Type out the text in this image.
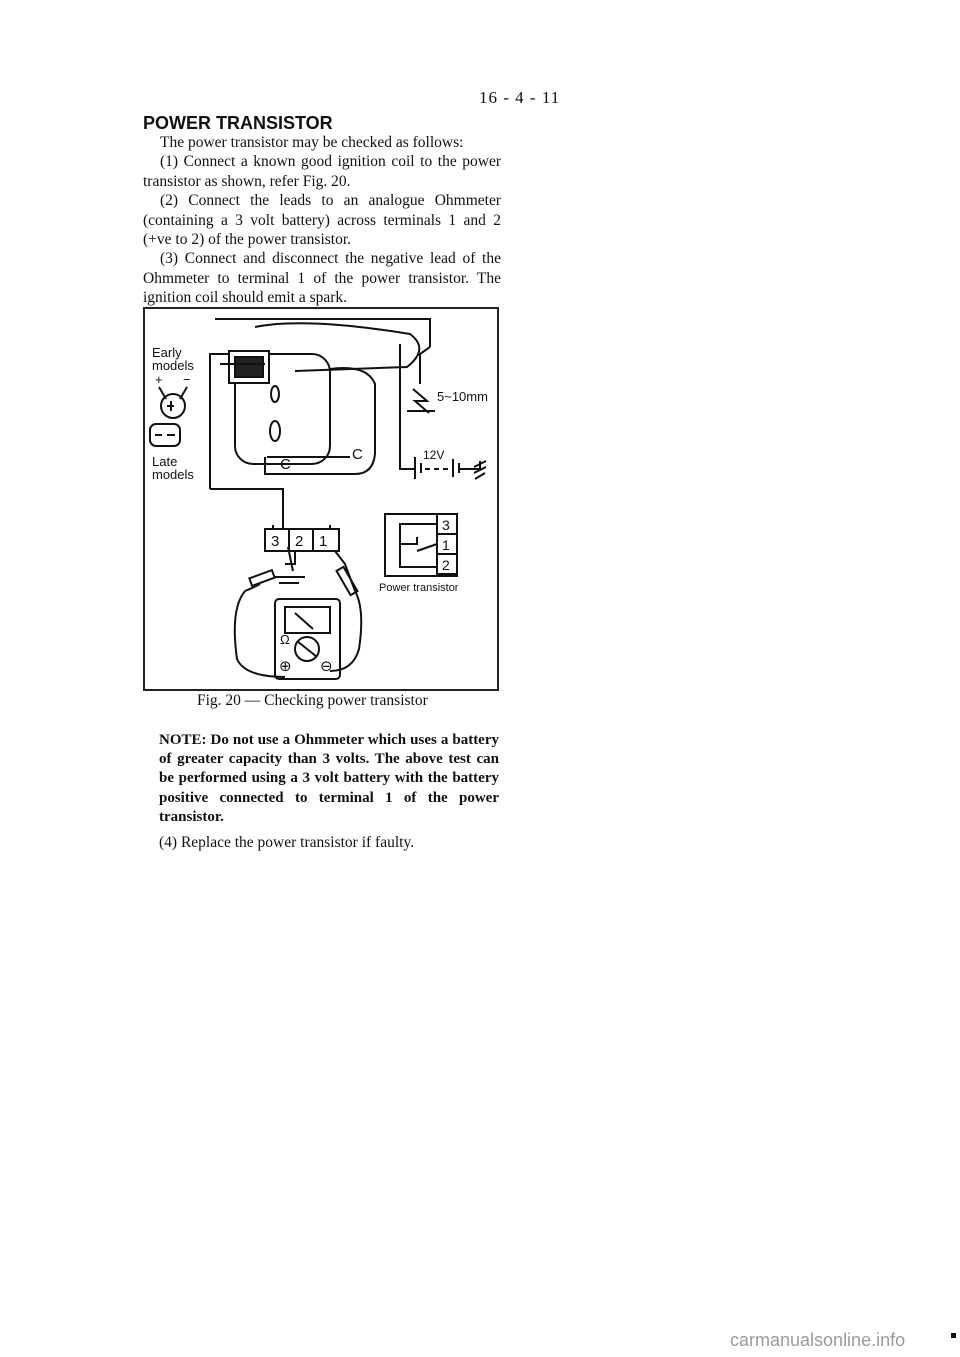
16 - 4 - 11
POWER TRANSISTOR

The power transistor may be checked as follows:

(1) Connect a known good ignition coil to the power transistor as shown, refer Fig. 20.

(2) Connect the leads to an analogue Ohmmeter (containing a 3 volt battery) across terminals 1 and 2 (+ve to 2) of the power transistor.

(3) Connect and disconnect the negative lead of the Ohmmeter to terminal 1 of the power transistor. The ignition coil should emit a spark.

Early
models
+ −
Late
models
C
C
5~10mm
12V
3 2 1
Ω
⊕ ⊖
3
1
2
Power transistor
Fig. 20 — Checking power transistor

NOTE: Do not use a Ohmmeter which uses a battery of greater capacity than 3 volts. The above test can be performed using a 3 volt battery with the battery positive connected to terminal 1 of the power transistor.

(4) Replace the power transistor if faulty.

carmanualsonline.info
